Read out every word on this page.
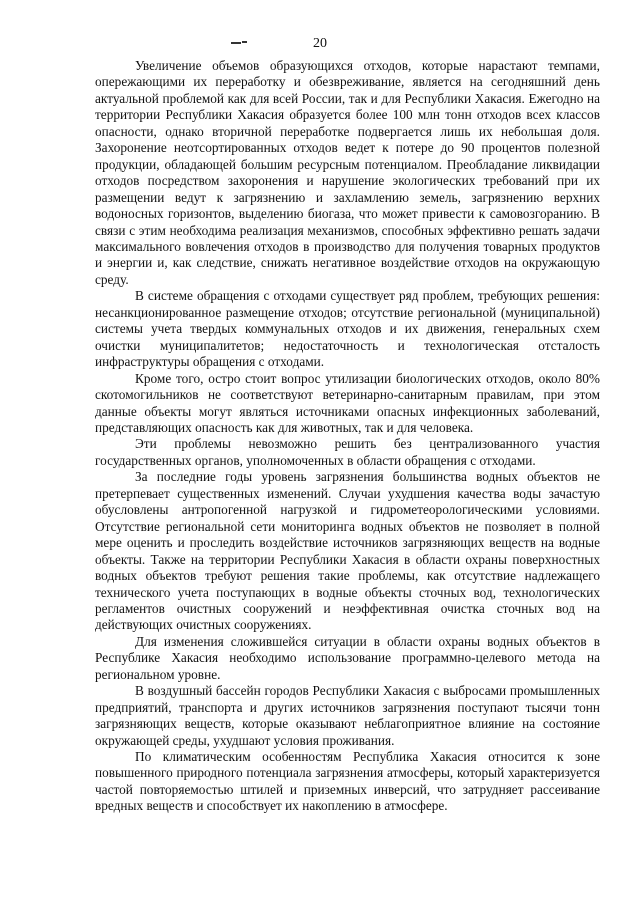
20

Увеличение объемов образующихся отходов, которые нарастают темпами, опережающими их переработку и обезвреживание, является на сегодняшний день актуальной проблемой как для всей России, так и для Республики Хакасия. Ежегодно на территории Республики Хакасия образуется более 100 млн тонн отходов всех классов опасности, однако вторичной переработке подвергается лишь их небольшая доля. Захоронение неотсортированных отходов ведет к потере до 90 процентов полезной продукции, обладающей большим ресурсным потенциалом. Преобладание ликвидации отходов посредством захоронения и нарушение экологических требований при их размещении ведут к загрязнению и захламлению земель, загрязнению верхних водоносных горизонтов, выделению биогаза, что может привести к самовозгоранию. В связи с этим необходима реализация механизмов, способных эффективно решать задачи максимального вовлечения отходов в производство для получения товарных продуктов и энергии и, как следствие, снижать негативное воздействие отходов на окружающую среду.

В системе обращения с отходами существует ряд проблем, требующих решения: несанкционированное размещение отходов; отсутствие региональной (муниципальной) системы учета твердых коммунальных отходов и их движения, генеральных схем очистки муниципалитетов; недостаточность и технологическая отсталость инфраструктуры обращения с отходами.

Кроме того, остро стоит вопрос утилизации биологических отходов, около 80% скотомогильников не соответствуют ветеринарно-санитарным правилам, при этом данные объекты могут являться источниками опасных инфекционных заболеваний, представляющих опасность как для животных, так и для человека.

Эти проблемы невозможно решить без централизованного участия государственных органов, уполномоченных в области обращения с отходами.

За последние годы уровень загрязнения большинства водных объектов не претерпевает существенных изменений. Случаи ухудшения качества воды зачастую обусловлены антропогенной нагрузкой и гидрометеорологическими условиями. Отсутствие региональной сети мониторинга водных объектов не позволяет в полной мере оценить и проследить воздействие источников загрязняющих веществ на водные объекты. Также на территории Республики Хакасия в области охраны поверхностных водных объектов требуют решения такие проблемы, как отсутствие надлежащего технического учета поступающих в водные объекты сточных вод, технологических регламентов очистных сооружений и неэффективная очистка сточных вод на действующих очистных сооружениях.

Для изменения сложившейся ситуации в области охраны водных объектов в Республике Хакасия необходимо использование программно-целевого метода на региональном уровне.

В воздушный бассейн городов Республики Хакасия с выбросами промышленных предприятий, транспорта и других источников загрязнения поступают тысячи тонн загрязняющих веществ, которые оказывают неблагоприятное влияние на состояние окружающей среды, ухудшают условия проживания.

По климатическим особенностям Республика Хакасия относится к зоне повышенного природного потенциала загрязнения атмосферы, который характеризуется частой повторяемостью штилей и приземных инверсий, что затрудняет рассеивание вредных веществ и способствует их накоплению в атмосфере.
